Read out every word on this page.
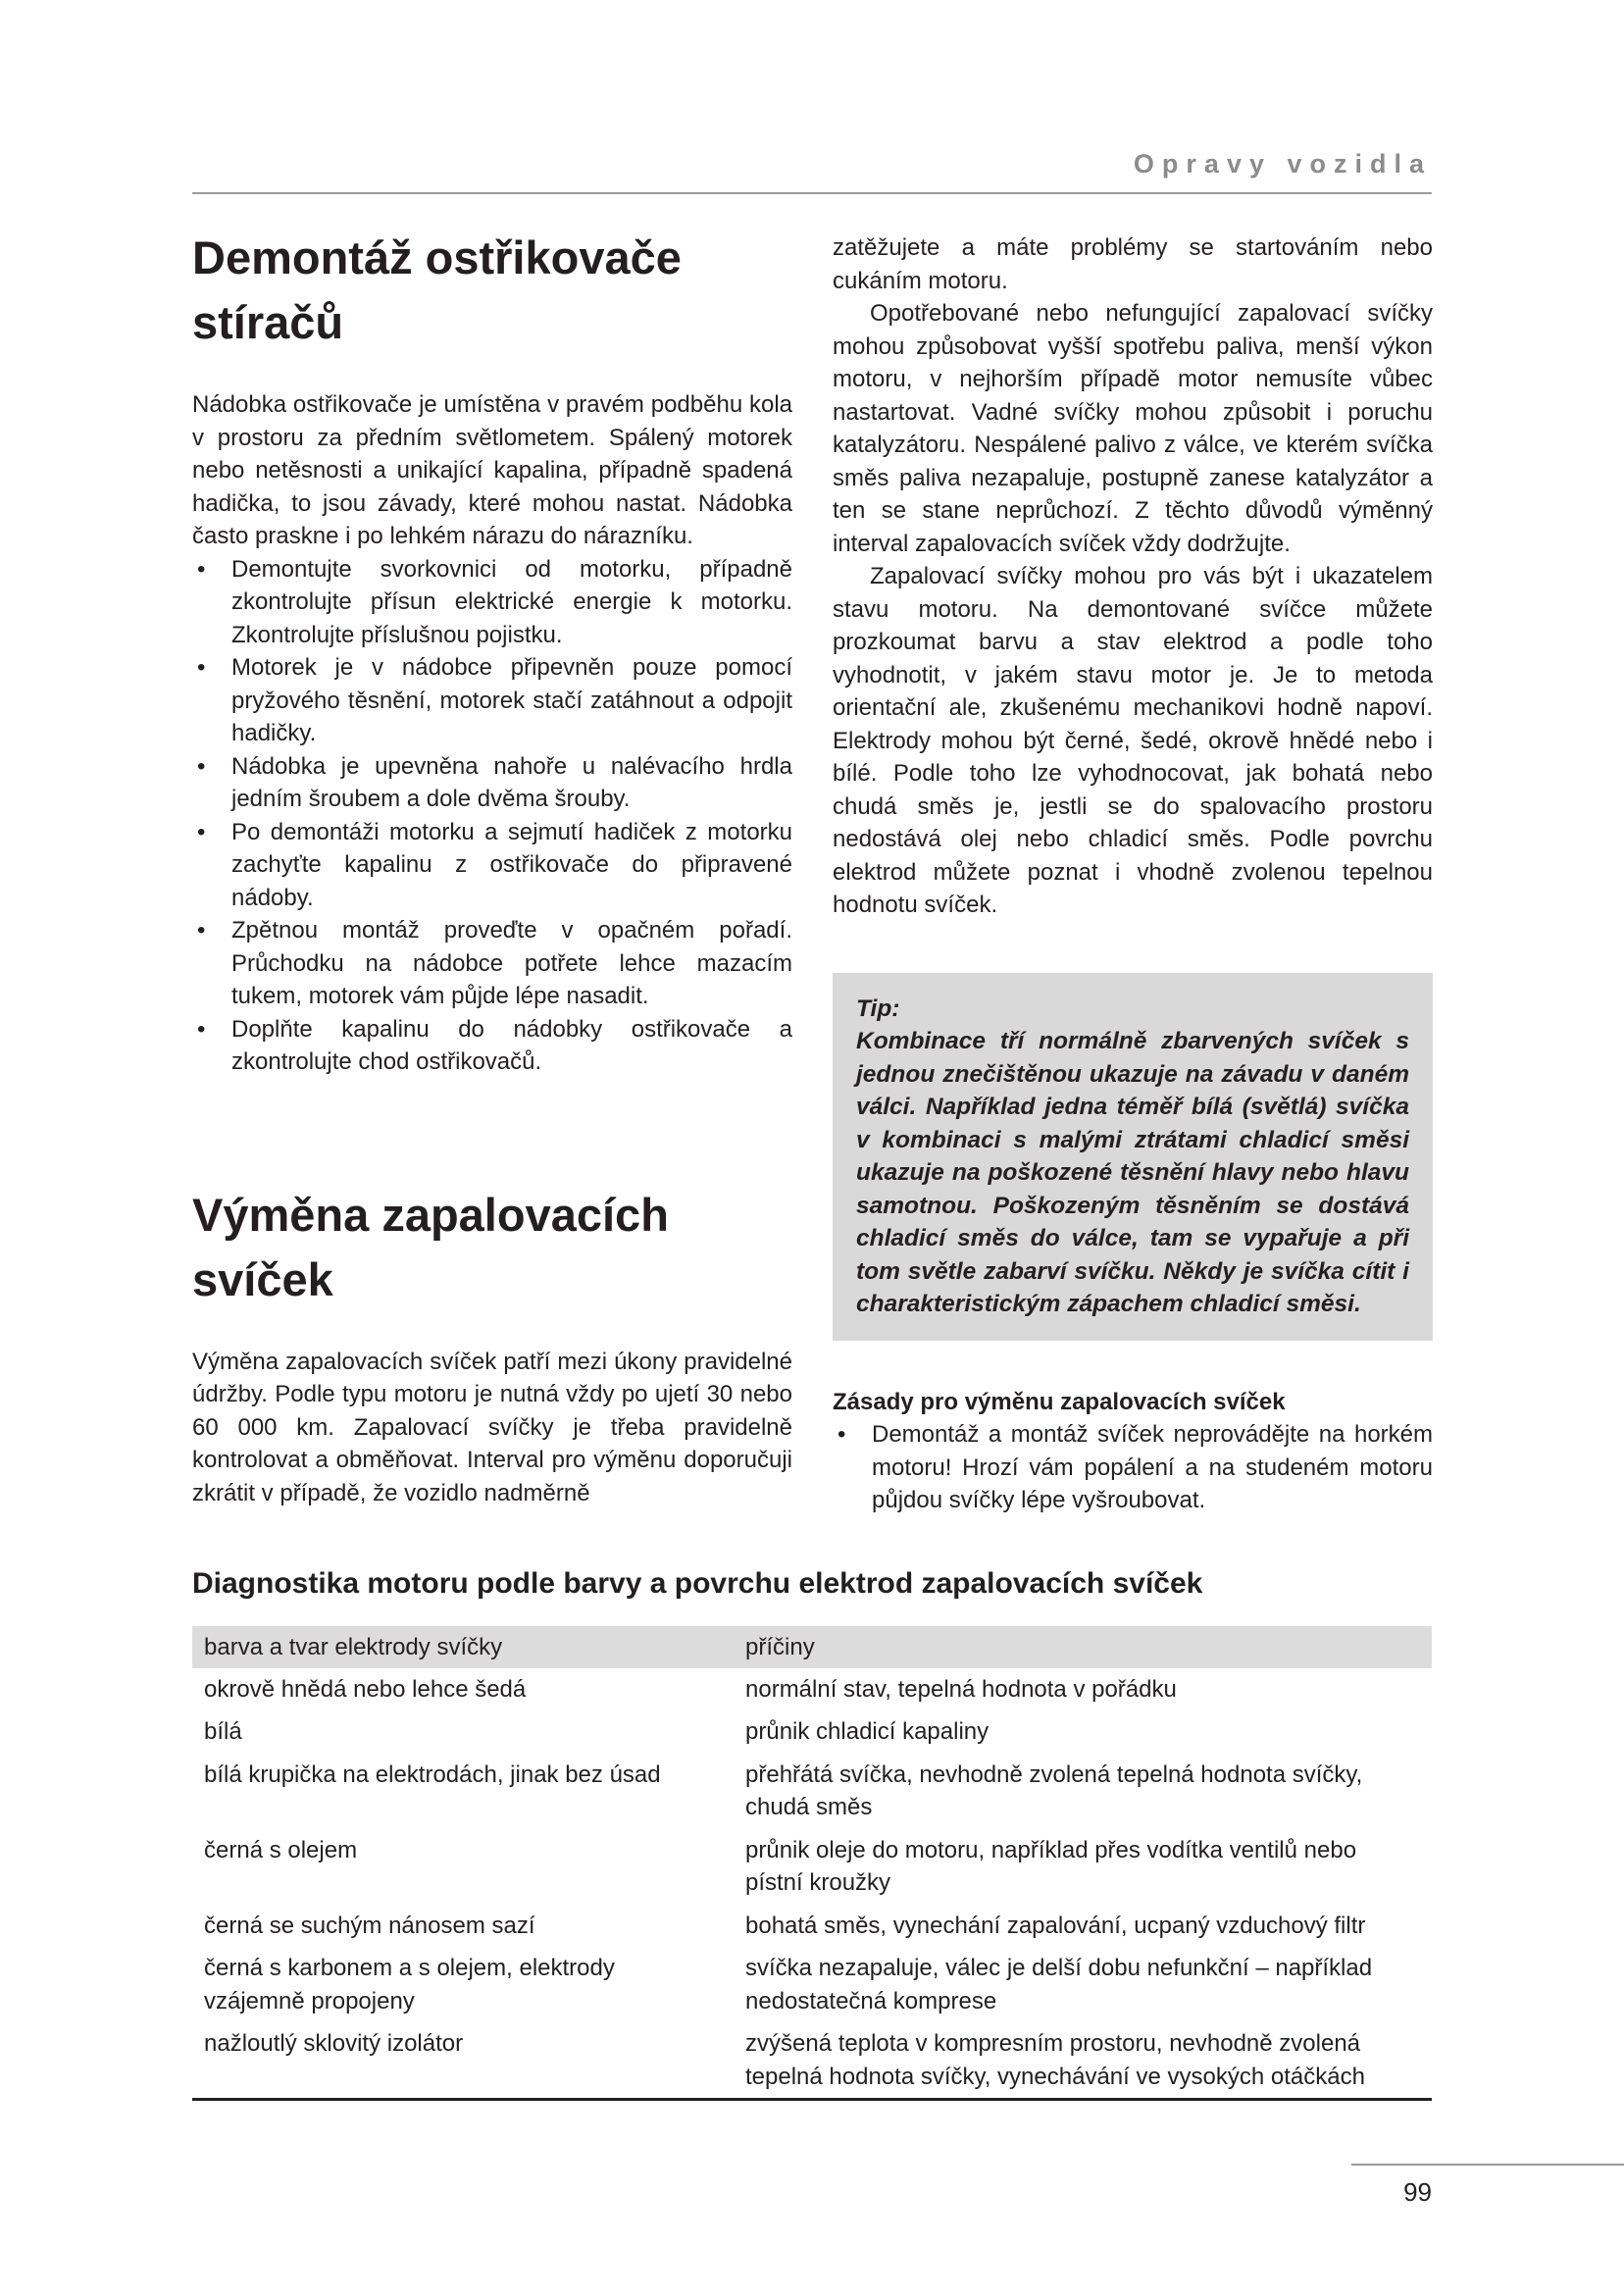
Opravy vozidla
Demontáž ostřikovače stíračů

Nádobka ostřikovače je umístěna v pravém podběhu kola v prostoru za předním světlometem. Spálený motorek nebo netěsnosti a unikající kapalina, případně spadená hadička, to jsou závady, které mohou nastat. Nádobka často praskne i po lehkém nárazu do nárazníku.

• Demontujte svorkovnici od motorku, případně zkontrolujte přísun elektrické energie k motorku. Zkontrolujte příslušnou pojistku.
• Motorek je v nádobce připevněn pouze pomocí pryžového těsnění, motorek stačí zatáhnout a odpojit hadičky.
• Nádobka je upevněna nahoře u nalévacího hrdla jedním šroubem a dole dvěma šrouby.
• Po demontáži motorku a sejmutí hadiček z motorku zachyťte kapalinu z ostřikovače do připravené nádoby.
• Zpětnou montáž proveďte v opačném pořadí. Průchodku na nádobce potřete lehce mazacím tukem, motorek vám půjde lépe nasadit.
• Doplňte kapalinu do nádobky ostřikovače a zkontrolujte chod ostřikovačů.
Výměna zapalovacích svíček

Výměna zapalovacích svíček patří mezi úkony pravidelné údržby. Podle typu motoru je nutná vždy po ujetí 30 nebo 60 000 km. Zapalovací svíčky je třeba pravidelně kontrolovat a obměňovat. Interval pro výměnu doporučuji zkrátit v případě, že vozidlo nadměrně

zatěžujete a máte problémy se startováním nebo cukáním motoru.

Opotřebované nebo nefungující zapalovací svíčky mohou způsobovat vyšší spotřebu paliva, menší výkon motoru, v nejhorším případě motor nemusíte vůbec nastartovat. Vadné svíčky mohou způsobit i poruchu katalyzátoru. Nespálené palivo z válce, ve kterém svíčka směs paliva nezapaluje, postupně zanese katalyzátor a ten se stane neprůchozí. Z těchto důvodů výměnný interval zapalovacích svíček vždy dodržujte.

Zapalovací svíčky mohou pro vás být i ukazatelem stavu motoru. Na demontované svíčce můžete prozkoumat barvu a stav elektrod a podle toho vyhodnotit, v jakém stavu motor je. Je to metoda orientační ale, zkušenému mechanikovi hodně napoví. Elektrody mohou být černé, šedé, okrově hnědé nebo i bílé. Podle toho lze vyhodnocovat, jak bohatá nebo chudá směs je, jestli se do spalovacího prostoru nedostává olej nebo chladicí směs. Podle povrchu elektrod můžete poznat i vhodně zvolenou tepelnou hodnotu svíček.

Tip:

Kombinace tří normálně zbarvených svíček s jednou znečištěnou ukazuje na závadu v daném válci. Například jedna téměř bílá (světlá) svíčka v kombinaci s malými ztrátami chladicí směsi ukazuje na poškozené těsnění hlavy nebo hlavu samotnou. Poškozeným těsněním se dostává chladicí směs do válce, tam se vypařuje a při tom světle zabarví svíčku. Někdy je svíčka cítit i charakteristickým zápachem chladicí směsi.

Zásady pro výměnu zapalovacích svíček
• Demontáž a montáž svíček neprovádějte na horkém motoru! Hrozí vám popálení a na studeném motoru půjdou svíčky lépe vyšroubovat.
Diagnostika motoru podle barvy a povrchu elektrod zapalovacích svíček
barva a tvar elektrody svíčky	příčiny
okrově hnědá nebo lehce šedá	normální stav, tepelná hodnota v pořádku
bílá	průnik chladicí kapaliny
bílá krupička na elektrodách, jinak bez úsad	přehřátá svíčka, nevhodně zvolená tepelná hodnota svíčky, chudá směs
černá s olejem	průnik oleje do motoru, například přes vodítka ventilů nebo pístní kroužky
černá se suchým nánosem sazí	bohatá směs, vynechání zapalování, ucpaný vzduchový filtr
černá s karbonem a s olejem, elektrody vzájemně propojeny	svíčka nezapaluje, válec je delší dobu nefunkční – například nedostatečná komprese
nažloutlý sklovitý izolátor	zvýšená teplota v kompresním prostoru, nevhodně zvolená tepelná hodnota svíčky, vynechávání ve vysokých otáčkách
99
